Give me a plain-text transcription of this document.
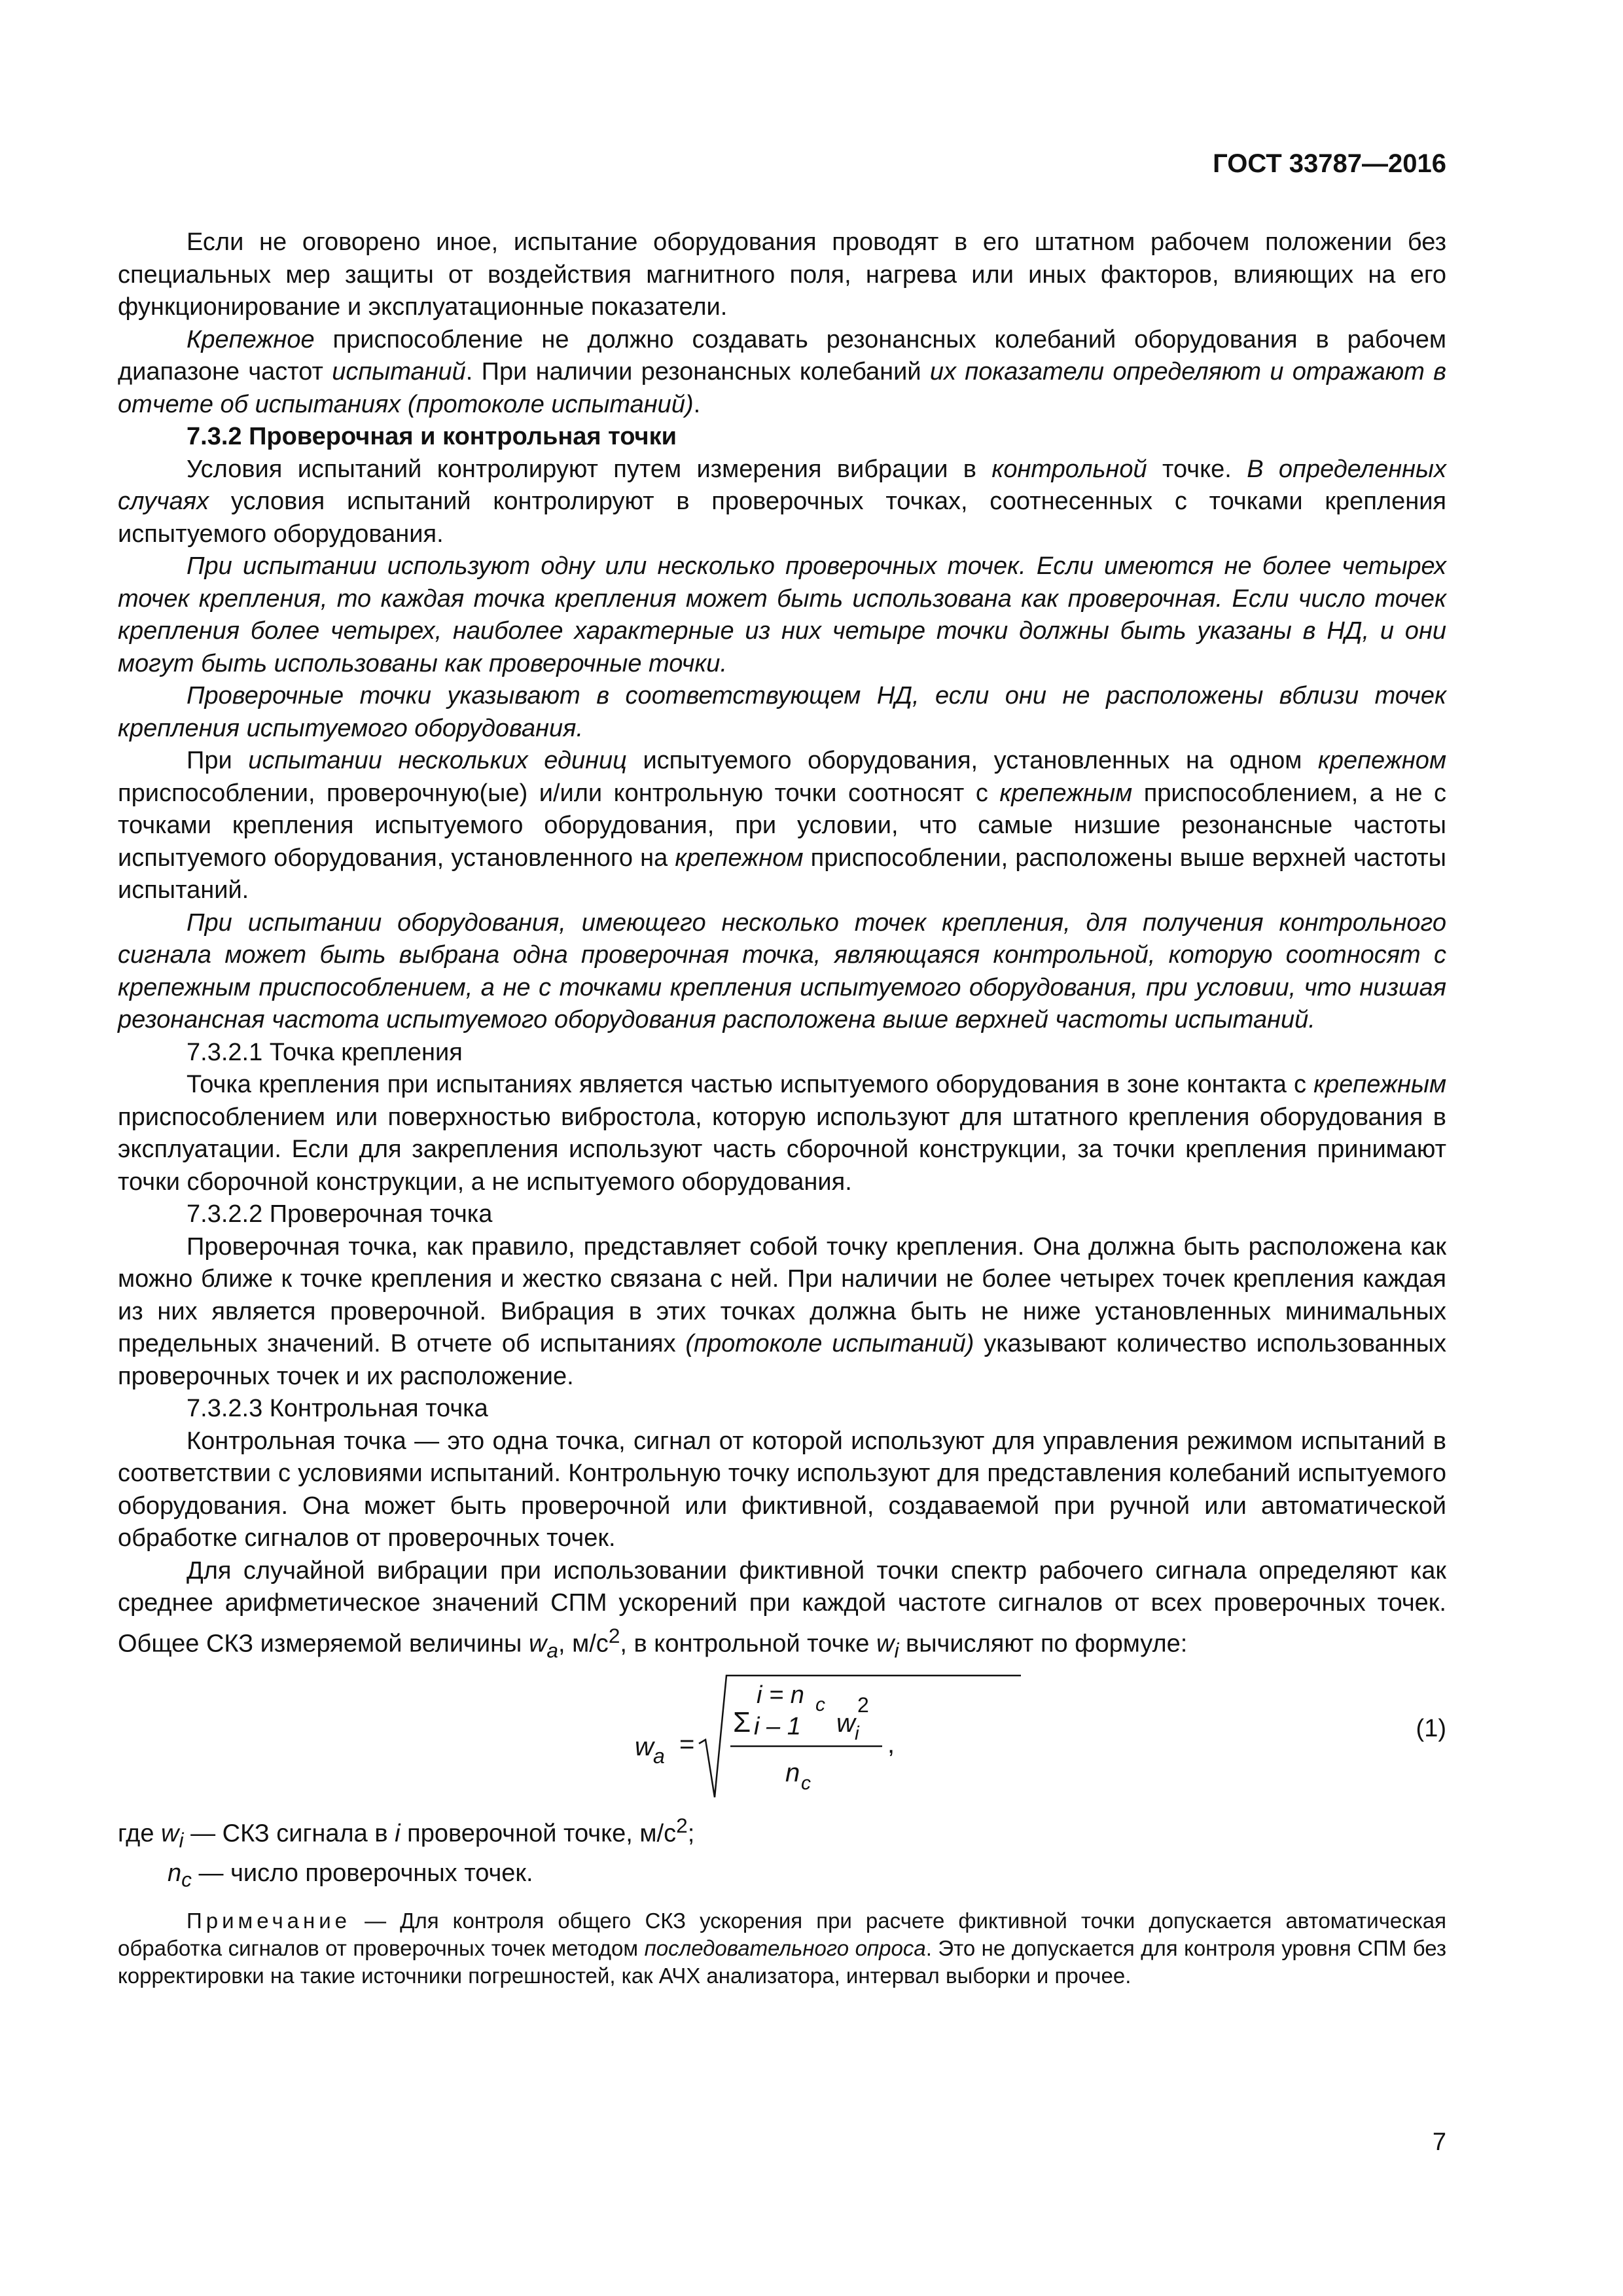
ГОСТ 33787—2016

Если не оговорено иное, испытание оборудования проводят в его штатном рабочем положении без специальных мер защиты от воздействия магнитного поля, нагрева или иных факторов, влияющих на его функционирование и эксплуатационные показатели.

Крепежное приспособление не должно создавать резонансных колебаний оборудования в рабочем диапазоне частот испытаний. При наличии резонансных колебаний их показатели определяют и отражают в отчете об испытаниях (протоколе испытаний).

7.3.2 Проверочная и контрольная точки

Условия испытаний контролируют путем измерения вибрации в контрольной точке. В определенных случаях условия испытаний контролируют в проверочных точках, соотнесенных с точками крепления испытуемого оборудования.

При испытании используют одну или несколько проверочных точек. Если имеются не более четырех точек крепления, то каждая точка крепления может быть использована как проверочная. Если число точек крепления более четырех, наиболее характерные из них четыре точки должны быть указаны в НД, и они могут быть использованы как проверочные точки.

Проверочные точки указывают в соответствующем НД, если они не расположены вблизи точек крепления испытуемого оборудования.

При испытании нескольких единиц испытуемого оборудования, установленных на одном крепежном приспособлении, проверочную(ые) и/или контрольную точки соотносят с крепежным приспособлением, а не с точками крепления испытуемого оборудования, при условии, что самые низшие резонансные частоты испытуемого оборудования, установленного на крепежном приспособлении, расположены выше верхней частоты испытаний.

При испытании оборудования, имеющего несколько точек крепления, для получения контрольного сигнала может быть выбрана одна проверочная точка, являющаяся контрольной, которую соотносят с крепежным приспособлением, а не с точками крепления испытуемого оборудования, при условии, что низшая резонансная частота испытуемого оборудования расположена выше верхней частоты испытаний.

7.3.2.1 Точка крепления

Точка крепления при испытаниях является частью испытуемого оборудования в зоне контакта с крепежным приспособлением или поверхностью вибростола, которую используют для штатного крепления оборудования в эксплуатации. Если для закрепления используют часть сборочной конструкции, за точки крепления принимают точки сборочной конструкции, а не испытуемого оборудования.

7.3.2.2 Проверочная точка

Проверочная точка, как правило, представляет собой точку крепления. Она должна быть расположена как можно ближе к точке крепления и жестко связана с ней. При наличии не более четырех точек крепления каждая из них является проверочной. Вибрация в этих точках должна быть не ниже установленных минимальных предельных значений. В отчете об испытаниях (протоколе испытаний) указывают количество использованных проверочных точек и их расположение.

7.3.2.3 Контрольная точка

Контрольная точка — это одна точка, сигнал от которой используют для управления режимом испытаний в соответствии с условиями испытаний. Контрольную точку используют для представления колебаний испытуемого оборудования. Она может быть проверочной или фиктивной, создаваемой при ручной или автоматической обработке сигналов от проверочных точек.

Для случайной вибрации при использовании фиктивной точки спектр рабочего сигнала определяют как среднее арифметическое значений СПМ ускорений при каждой частоте сигналов от всех проверочных точек. Общее СКЗ измеряемой величины $w_a$, $м/с^2$, в контрольной точке $w_i$ вычисляют по формуле:

w a =
i = n c
Σ i – 1 w i
2
n c
,
(1)

где $w_i$ — СКЗ сигнала в i проверочной точке, $м/с^2$;

$n_c$ — число проверочных точек.

Примечание — Для контроля общего СКЗ ускорения при расчете фиктивной точки допускается автоматическая обработка сигналов от проверочных точек методом последовательного опроса. Это не допускается для контроля уровня СПМ без корректировки на такие источники погрешностей, как АЧХ анализатора, интервал выборки и прочее.

7
